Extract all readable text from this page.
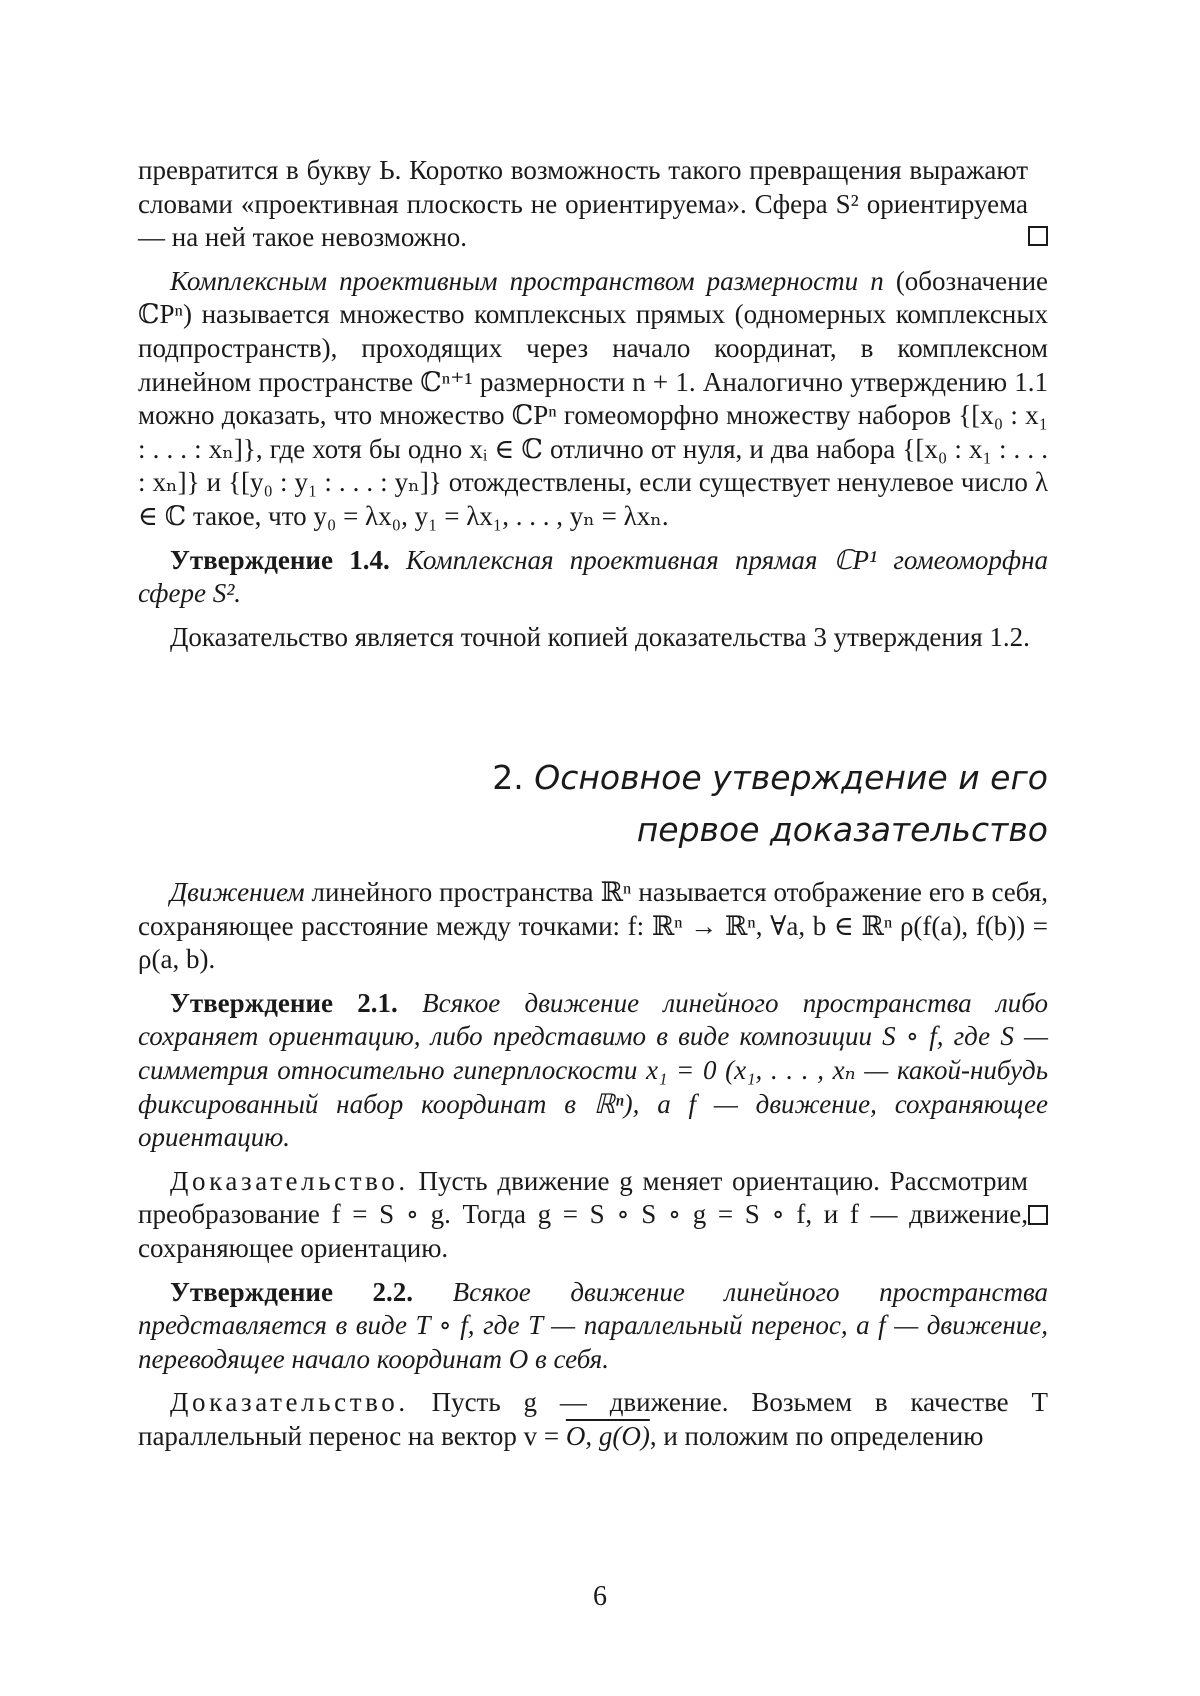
превратится в букву Ь. Коротко возможность такого превращения выражают словами «проективная плоскость не ориентируема». Сфера S² ориентируема — на ней такое невозможно.

Комплексным проективным пространством размерности n (обозначение ℂPⁿ) называется множество комплексных прямых (одномерных комплексных подпространств), проходящих через начало координат, в комплексном линейном пространстве ℂⁿ⁺¹ размерности n + 1. Аналогично утверждению 1.1 можно доказать, что множество ℂPⁿ гомеоморфно множеству наборов {[x₀ : x₁ : . . . : xₙ]}, где хотя бы одно xᵢ ∈ ℂ отлично от нуля, и два набора {[x₀ : x₁ : . . . : xₙ]} и {[y₀ : y₁ : . . . : yₙ]} отождествлены, если существует ненулевое число λ ∈ ℂ такое, что y₀ = λx₀, y₁ = λx₁, . . . , yₙ = λxₙ.

Утверждение 1.4. Комплексная проективная прямая ℂP¹ гомеоморфна сфере S².

Доказательство является точной копией доказательства 3 утверждения 1.2.

2. Основное утверждение и его
первое доказательство

Движением линейного пространства ℝⁿ называется отображение его в себя, сохраняющее расстояние между точками: f: ℝⁿ → ℝⁿ, ∀a, b ∈ ℝⁿ ρ(f(a), f(b)) = ρ(a, b).

Утверждение 2.1. Всякое движение линейного пространства либо сохраняет ориентацию, либо представимо в виде композиции S ∘ f, где S — симметрия относительно гиперплоскости x₁ = 0 (x₁, . . . , xₙ — какой-нибудь фиксированный набор координат в ℝⁿ), а f — движение, сохраняющее ориентацию.

Доказательство. Пусть движение g меняет ориентацию. Рассмотрим преобразование f = S ∘ g. Тогда g = S ∘ S ∘ g = S ∘ f, и f — движение, сохраняющее ориентацию.

Утверждение 2.2. Всякое движение линейного пространства представляется в виде T ∘ f, где T — параллельный перенос, а f — движение, переводящее начало координат O в себя.

Доказательство. Пусть g — движение. Возьмем в качестве T параллельный перенос на вектор v = O, g(O), и положим по определению

6
